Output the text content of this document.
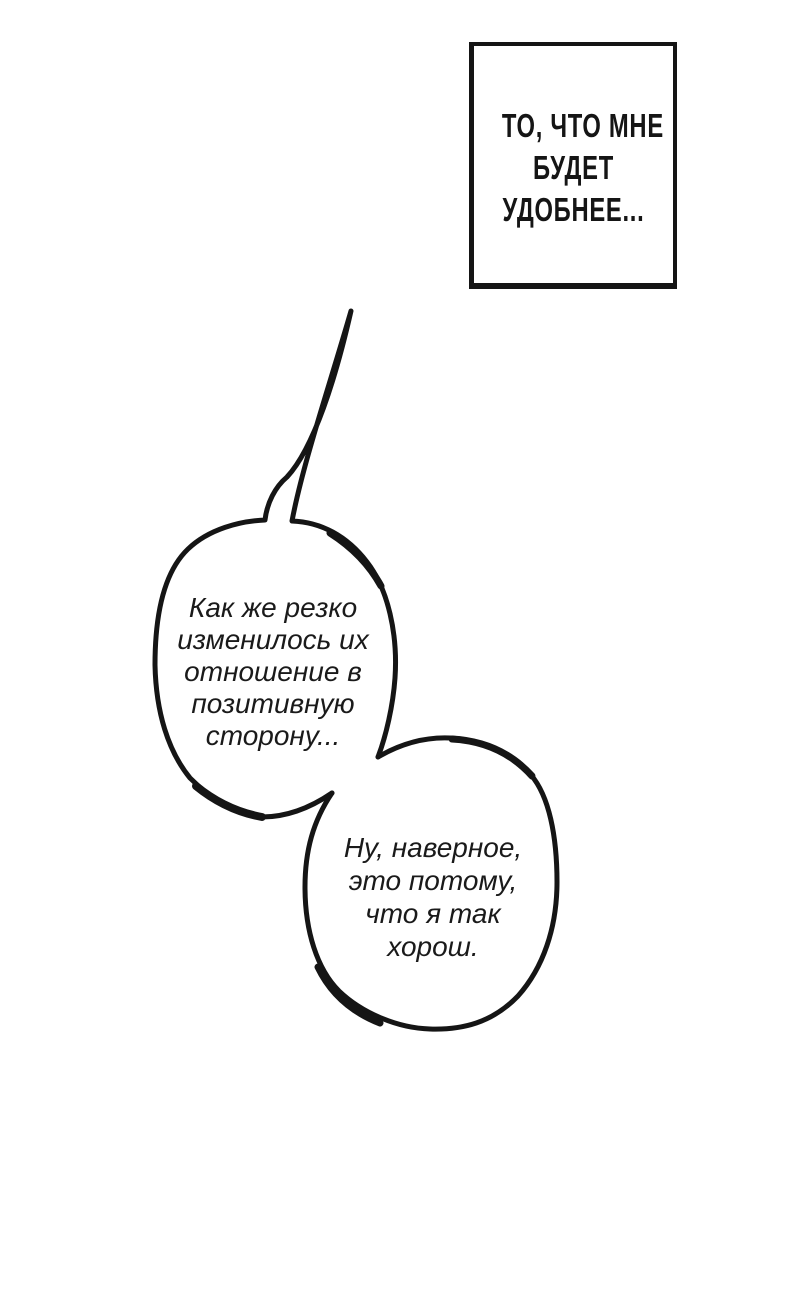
ТО, ЧТО МНЕ
БУДЕТ
УДОБНЕЕ...
Как же резко
изменилось их
отношение в
позитивную
сторону...
Ну, наверное,
это потому,
что я так
хорош.
